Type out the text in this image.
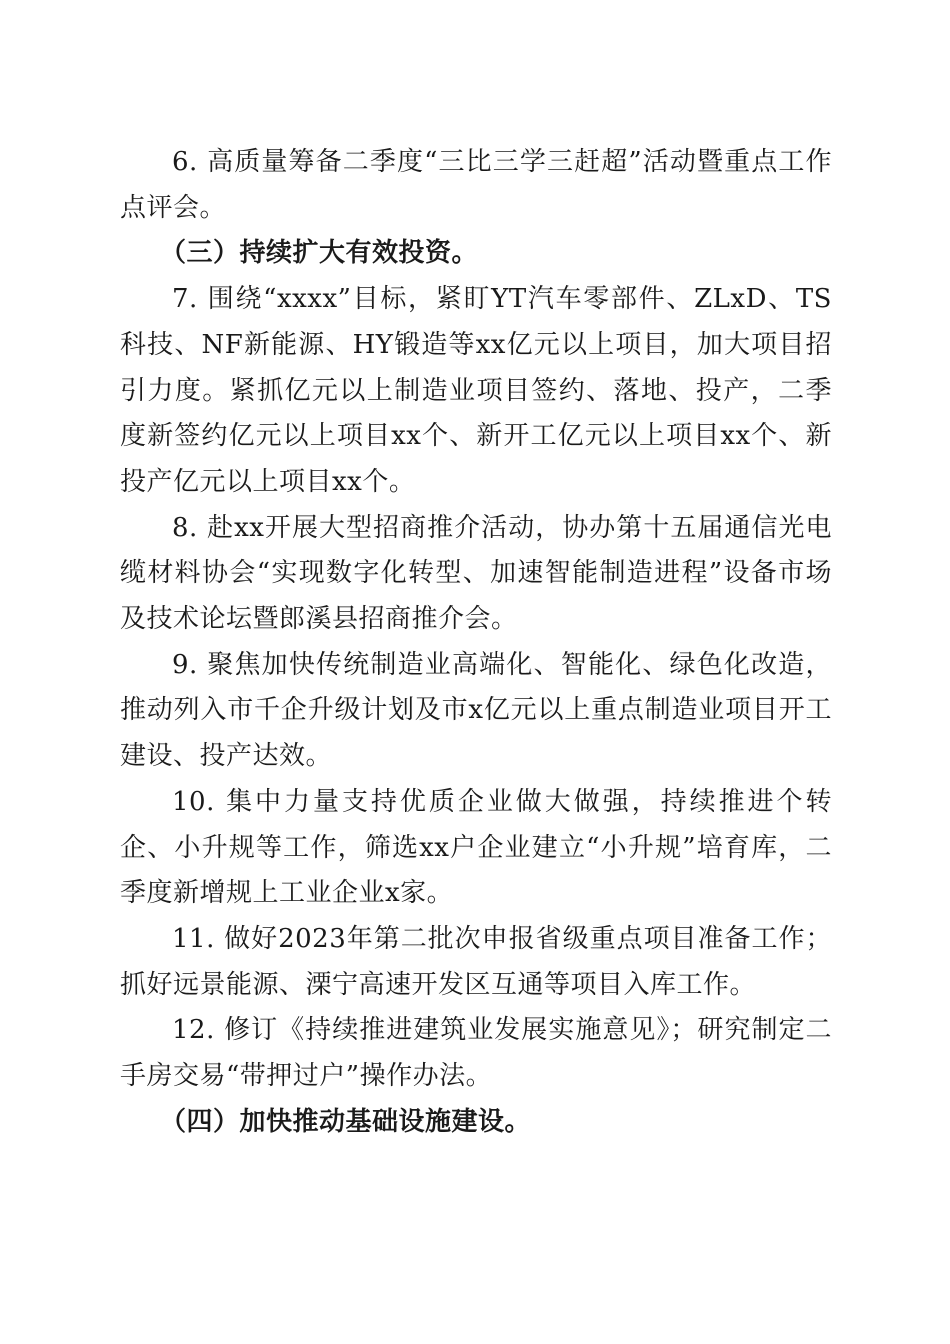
6. 高质量筹备二季度“三比三学三赶超”活动暨重点工作点评会。

（三）持续扩大有效投资。

7. 围绕“xxxx”目标，紧盯YT汽车零部件、ZLxD、TS科技、NF新能源、HY锻造等xx亿元以上项目，加大项目招引力度。紧抓亿元以上制造业项目签约、落地、投产，二季度新签约亿元以上项目xx个、新开工亿元以上项目xx个、新投产亿元以上项目xx个。

8. 赴xx开展大型招商推介活动，协办第十五届通信光电缆材料协会“实现数字化转型、加速智能制造进程”设备市场及技术论坛暨郎溪县招商推介会。

9. 聚焦加快传统制造业高端化、智能化、绿色化改造，推动列入市千企升级计划及市x亿元以上重点制造业项目开工建设、投产达效。

10. 集中力量支持优质企业做大做强，持续推进个转企、小升规等工作，筛选xx户企业建立“小升规”培育库，二季度新增规上工业企业x家。

11. 做好2023年第二批次申报省级重点项目准备工作；抓好远景能源、溧宁高速开发区互通等项目入库工作。

12. 修订《持续推进建筑业发展实施意见》；研究制定二手房交易“带押过户”操作办法。

（四）加快推动基础设施建设。
